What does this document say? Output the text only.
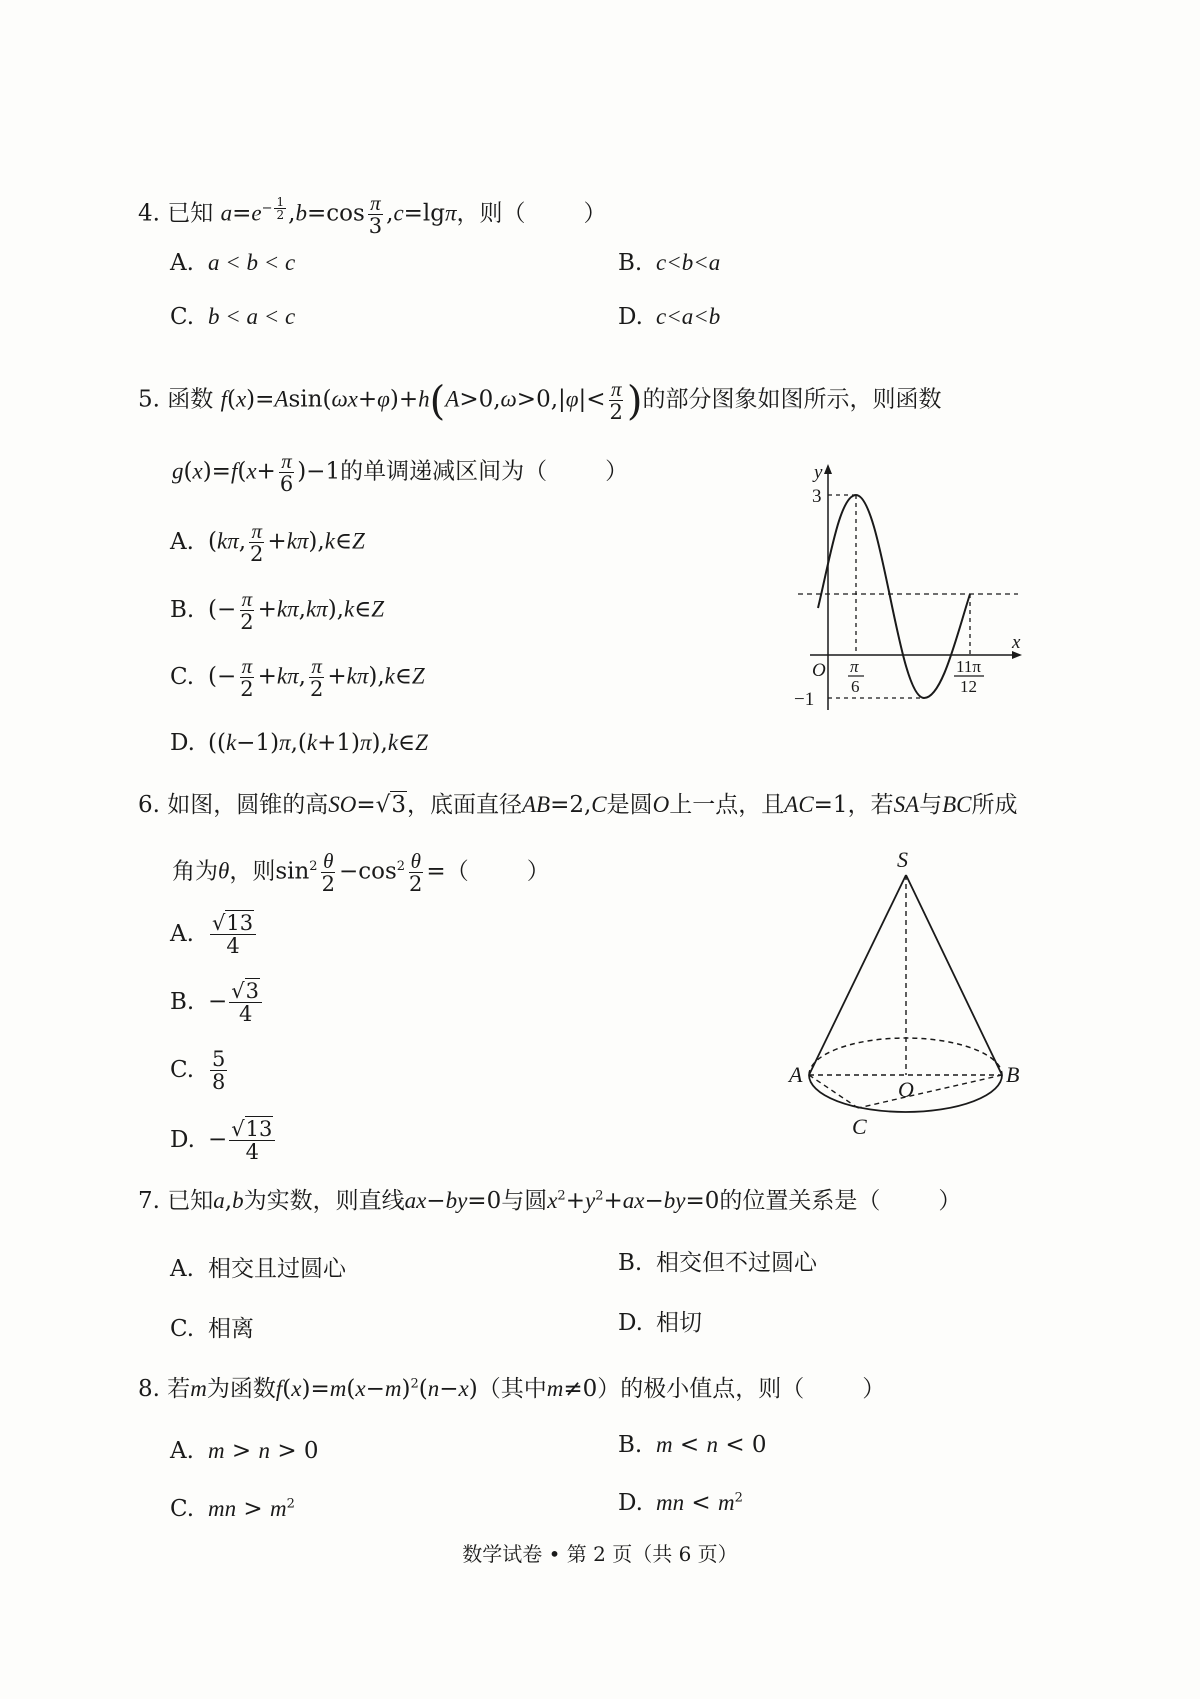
4. 已知 $a=e^{- \frac{1}{2}}$ $,b=\cos \frac{\pi}{3} ,c=\lg\pi$，则（	）
A. a < b < c	B. c<b<a
C. b < a < c	D. c<a<b
5. 函数 $f(x)=Asin(\omega x+\varphi)+h(A>0,\omega>0,|\varphi|< \frac{\pi}{2}$ )的部分图象如图所示，则函数
$g(x)=f(x+ \frac{\pi}{6} )-1$的单调递减区间为（	）
A. (kπ, $\frac{\pi}{2}$ +kπ),k∈Z
B. (− $\frac{\pi}{2}$ +kπ,kπ),k∈Z
C. (− $\frac{\pi}{2} +k\pi$, $\frac{\pi}{2}$ +kπ),k∈Z
D. ((k−1)π,(k+1)π),k∈Z
y
x
O
3
−1
π
6
11π
12
6. 如图，圆锥的高SO=√3，底面直径AB=2,C是圆O上一点，且AC=1，若SA与BC所成
角为θ，则$\sin^2 \frac{\theta}{2} -\cos^2 \frac{\theta}{2}$ =（	）
A. $\frac{√13}{4}$
B. − $\frac{√3}{4}$
C. $\frac{5}{8}$
D. − $\frac{√13}{4}$
S
A	B
O
C
7. 已知a,b为实数，则直线ax−by=0与圆$x^2+y^2+ax-by=0$的位置关系是（	）
A. 相交且过圆心	B. 相交但不过圆心
C. 相离	D. 相切
8. 若m为函数$f(x)=m(x-m)^2(n-x)$（其中m≠0）的极小值点，则（	）
A. m > n > 0	B. m < n < 0
C. mn > $m^2$	D. mn < $m^2$
数学试卷 • 第 2 页（共 6 页）
